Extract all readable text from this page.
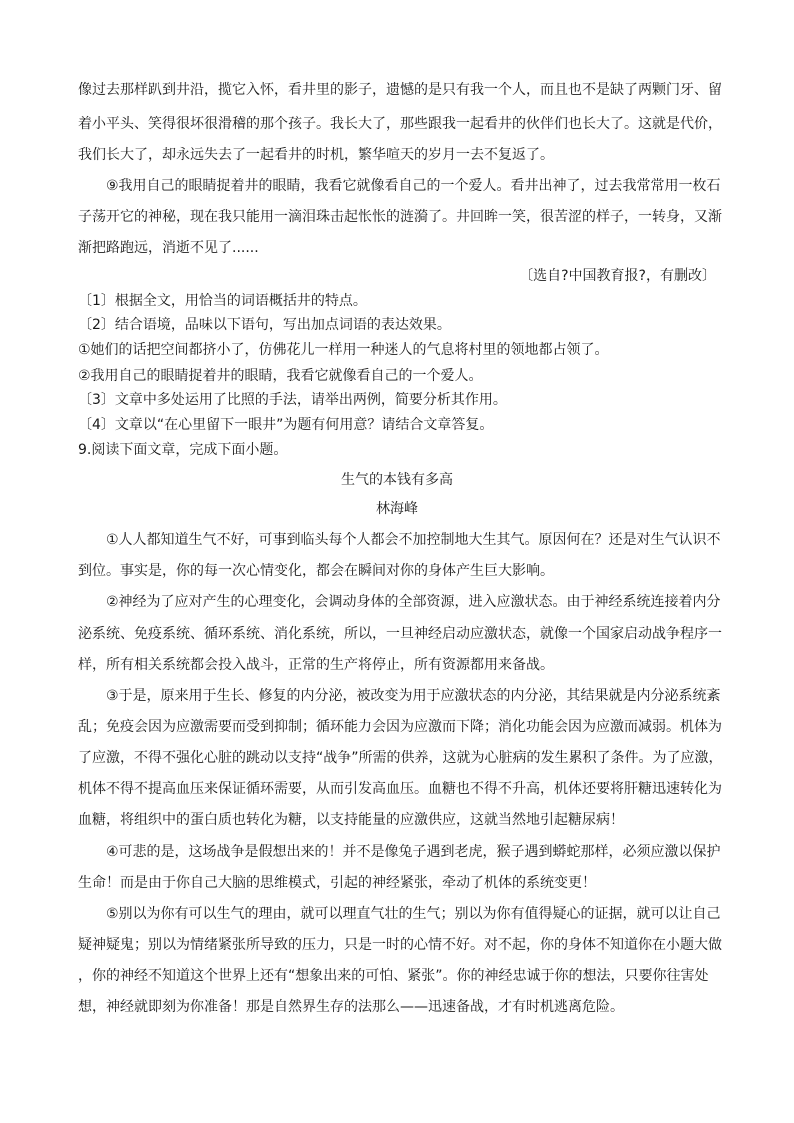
像过去那样趴到井沿，揽它入怀，看井里的影子，遗憾的是只有我一个人，而且也不是缺了两颗门牙、留
着小平头、笑得很坏很滑稽的那个孩子。我长大了，那些跟我一起看井的伙伴们也长大了。这就是代价，
我们长大了，却永远失去了一起看井的时机，繁华喧天的岁月一去不复返了。
⑨我用自己的眼睛捉着井的眼睛，我看它就像看自己的一个爱人。看井出神了，过去我常常用一枚石
子荡开它的神秘，现在我只能用一滴泪珠击起怅怅的涟漪了。井回眸一笑，很苦涩的样子，一转身，又渐
渐把路跑远，消逝不见了......
〔选自?中国教育报?，有删改〕
〔1〕根据全文，用恰当的词语概括井的特点。
〔2〕结合语境，品味以下语句，写出加点词语的表达效果。
①她们的话把空间都挤小了，仿佛花儿一样用一种迷人的气息将村里的领地都占领了。
②我用自己的眼睛捉着井的眼睛，我看它就像看自己的一个爱人。
〔3〕文章中多处运用了比照的手法，请举出两例，简要分析其作用。
〔4〕文章以“在心里留下一眼井”为题有何用意？请结合文章答复。
9.阅读下面文章，完成下面小题。
生气的本钱有多高
林海峰
①人人都知道生气不好，可事到临头每个人都会不加控制地大生其气。原因何在？还是对生气认识不
到位。事实是，你的每一次心情变化，都会在瞬间对你的身体产生巨大影响。
②神经为了应对产生的心理变化，会调动身体的全部资源，进入应激状态。由于神经系统连接着内分
泌系统、免疫系统、循环系统、消化系统，所以，一旦神经启动应激状态，就像一个国家启动战争程序一
样，所有相关系统都会投入战斗，正常的生产将停止，所有资源都用来备战。
③于是，原来用于生长、修复的内分泌，被改变为用于应激状态的内分泌，其结果就是内分泌系统紊
乱；免疫会因为应激需要而受到抑制；循环能力会因为应激而下降；消化功能会因为应激而减弱。机体为
了应激，不得不强化心脏的跳动以支持“战争”所需的供养，这就为心脏病的发生累积了条件。为了应激，
机体不得不提高血压来保证循环需要，从而引发高血压。血糖也不得不升高，机体还要将肝糖迅速转化为
血糖，将组织中的蛋白质也转化为糖，以支持能量的应激供应，这就当然地引起糖尿病！
④可悲的是，这场战争是假想出来的！并不是像兔子遇到老虎，猴子遇到蟒蛇那样，必须应激以保护
生命！而是由于你自己大脑的思维模式，引起的神经紧张，牵动了机体的系统变更！
⑤别以为你有可以生气的理由，就可以理直气壮的生气；别以为你有值得疑心的证据，就可以让自己
疑神疑鬼；别以为情绪紧张所导致的压力，只是一时的心情不好。对不起，你的身体不知道你在小题大做
，你的神经不知道这个世界上还有“想象出来的可怕、紧张”。你的神经忠诚于你的想法，只要你往害处
想，神经就即刻为你准备！那是自然界生存的法那么——迅速备战，才有时机逃离危险。
